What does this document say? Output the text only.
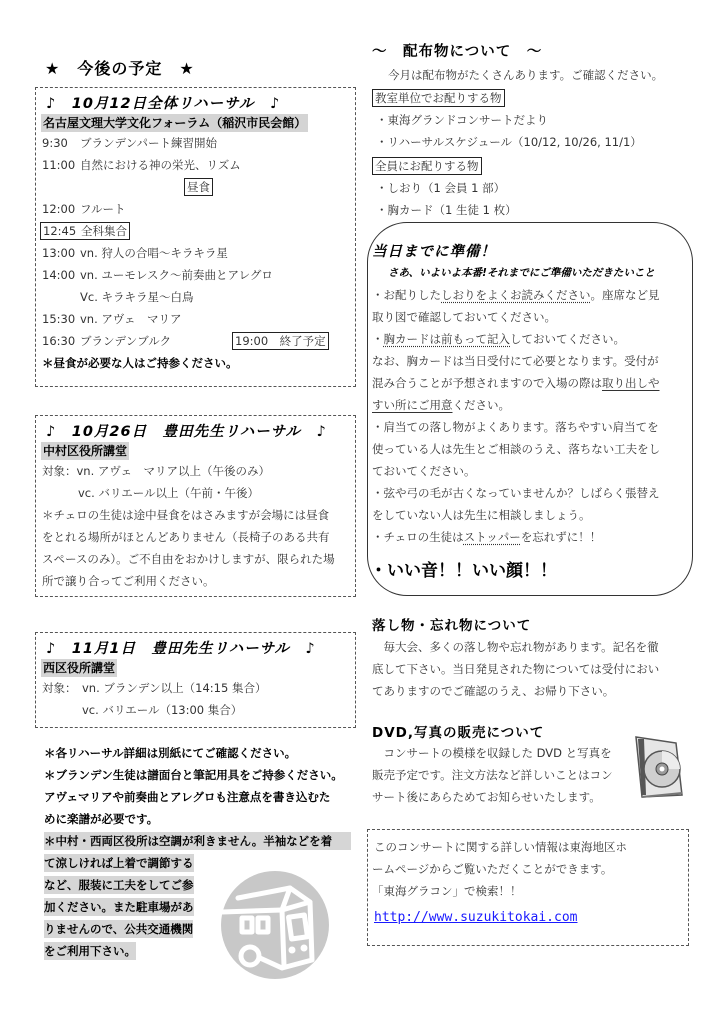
★　今後の予定　★
♪　10月12日全体リハーサル　♪
名古屋文理大学文化フォーラム（稲沢市民会館）
9:30 ブランデンパート練習開始
11:00 自然における神の栄光、リズム
昼食
12:00 フルート
12:45 全科集合
13:00 vn. 狩人の合唱～キラキラ星
14:00 vn. ユーモレスク～前奏曲とアレグロ
Vc. キラキラ星～白鳥
15:30 vn. アヴェ　マリア
16:30 ブランデンブルク	19:00　終了予定
＊昼食が必要な人はご持参ください。
♪　10月26日　豊田先生リハーサル　♪
中村区役所講堂
対象：vn. アヴェ　マリア以上（午後のみ）
vc. バリエール以上（午前・午後）
＊チェロの生徒は途中昼食をはさみますが会場には昼食
をとれる場所がほとんどありません（長椅子のある共有
スペースのみ）。ご不自由をおかけしますが、限られた場
所で譲り合ってご利用ください。
♪　11月1日　豊田先生リハーサル　♪
西区役所講堂
対象： vn. ブランデン以上（14:15 集合）
vc. バリエール（13:00 集合）
＊各リハーサル詳細は別紙にてご確認ください。
＊ブランデン生徒は譜面台と筆記用具をご持参ください。
アヴェマリアや前奏曲とアレグロも注意点を書き込むた
めに楽譜が必要です。
＊中村・西両区役所は空調が利きません。半袖などを着
て涼しければ上着で調節する
など、服装に工夫をしてご参
加ください。また駐車場があ
りませんので、公共交通機関
をご利用下さい。
～　配布物について　～
今月は配布物がたくさんあります。ご確認ください。
教室単位でお配りする物
・東海グランドコンサートだより
・リハーサルスケジュール（10/12, 10/26, 11/1）
全員にお配りする物
・しおり（1 会員 1 部）
・胸カード（1 生徒 1 枚）
当日までに準備！
さあ、いよいよ本番!それまでにご準備いただきたいこと
・お配りしたしおりをよくお読みください。座席など見
取り図で確認しておいてください。
・胸カードは前もって記入しておいてください。
なお、胸カードは当日受付にて必要となります。受付が
混み合うことが予想されますので入場の際は取り出しや
すい所にご用意ください。
・肩当ての落し物がよくあります。落ちやすい肩当てを
使っている人は先生とご相談のうえ、落ちない工夫をし
ておいてください。
・弦や弓の毛が古くなっていませんか？しばらく張替え
をしていない人は先生に相談しましょう。
・チェロの生徒はストッパーを忘れずに！！
・いい音！！いい顔！！
落し物・忘れ物について
　毎大会、多くの落し物や忘れ物があります。記名を徹
底して下さい。当日発見された物については受付におい
てありますのでご確認のうえ、お帰り下さい。
DVD,写真の販売について
　コンサートの模様を収録した DVD と写真を
販売予定です。注文方法など詳しいことはコン
サート後にあらためてお知らせいたします。
このコンサートに関する詳しい情報は東海地区ホ
ームページからご覧いただくことができます。
「東海グラコン」で検索！！
http://www.suzukitokai.com
